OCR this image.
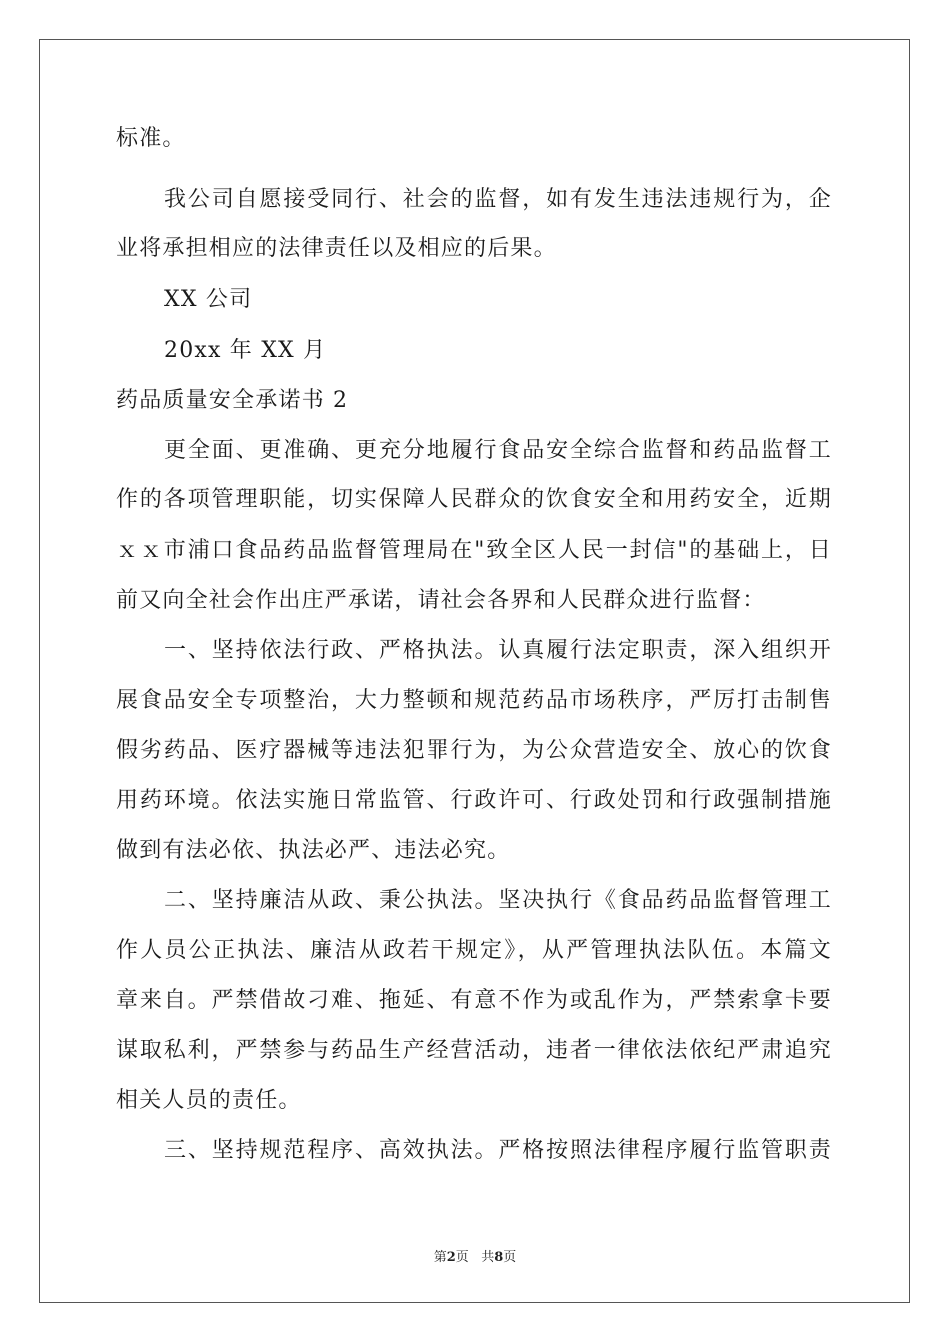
标准。
我公司自愿接受同行、社会的监督，如有发生违法违规行为，企
业将承担相应的法律责任以及相应的后果。
XX 公司
20xx 年 XX 月
药品质量安全承诺书 2
更全面、更准确、更充分地履行食品安全综合监督和药品监督工
作的各项管理职能，切实保障人民群众的饮食安全和用药安全，近期
ｘｘ市浦口食品药品监督管理局在"致全区人民一封信"的基础上，日
前又向全社会作出庄严承诺，请社会各界和人民群众进行监督：
一、坚持依法行政、严格执法。认真履行法定职责，深入组织开
展食品安全专项整治，大力整顿和规范药品市场秩序，严厉打击制售
假劣药品、医疗器械等违法犯罪行为，为公众营造安全、放心的饮食
用药环境。依法实施日常监管、行政许可、行政处罚和行政强制措施
做到有法必依、执法必严、违法必究。
二、坚持廉洁从政、秉公执法。坚决执行《食品药品监督管理工
作人员公正执法、廉洁从政若干规定》，从严管理执法队伍。本篇文
章来自。严禁借故刁难、拖延、有意不作为或乱作为，严禁索拿卡要
谋取私利，严禁参与药品生产经营活动，违者一律依法依纪严肃追究
相关人员的责任。
三、坚持规范程序、高效执法。严格按照法律程序履行监管职责
第2页 共8页
